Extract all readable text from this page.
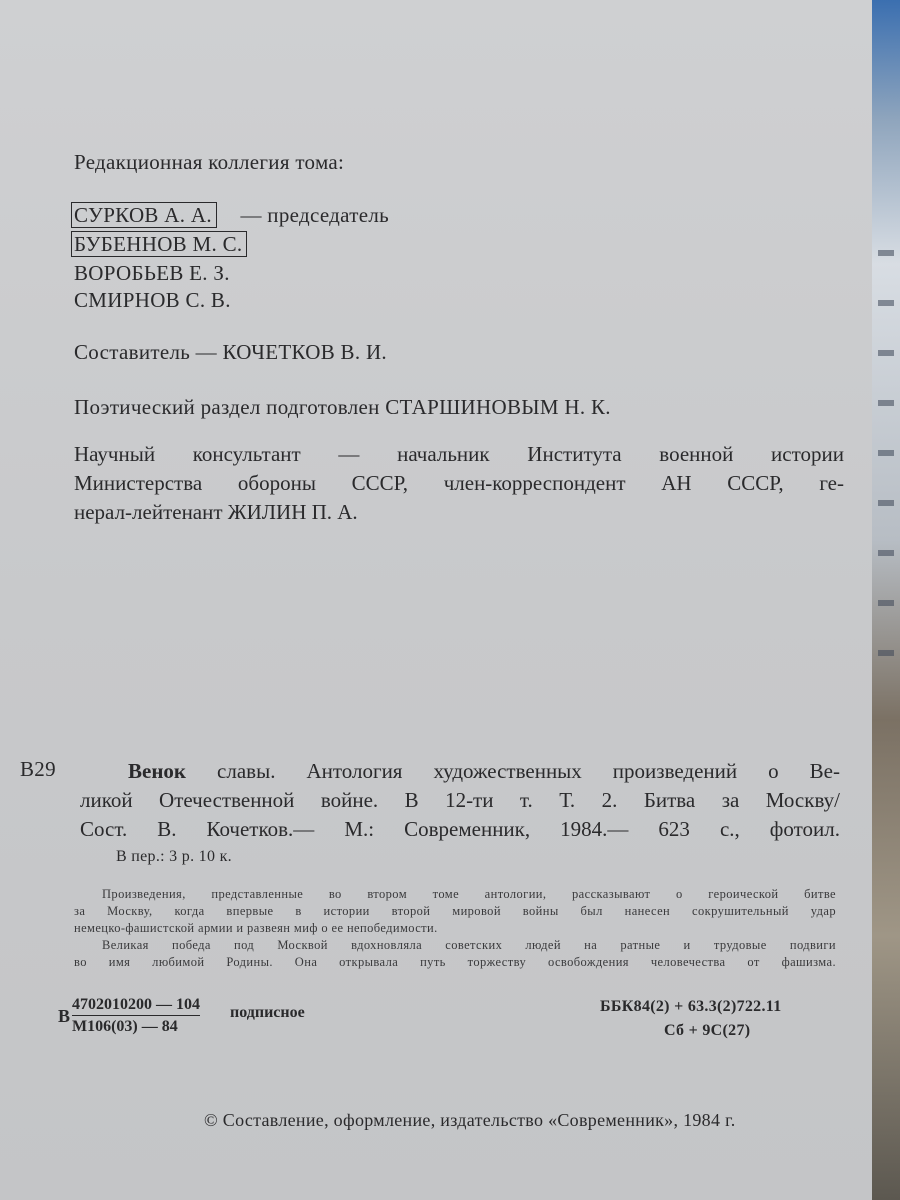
Редакционная коллегия тома:
СУРКОВ А. А. — председатель
БУБЕННОВ М. С.
ВОРОБЬЕВ Е. З.
СМИРНОВ С. В.
Составитель — КОЧЕТКОВ В. И.
Поэтический раздел подготовлен СТАРШИНОВЫМ Н. К.
Научный консультант — начальник Института военной истории
Министерства обороны СССР, член-корреспондент АН СССР, ге-
нерал-лейтенант ЖИЛИН П. А.
В29	Венок славы. Антология художественных произведений о Ве-
ликой Отечественной войне. В 12-ти т. Т. 2. Битва за Москву/
Сост. В. Кочетков.— М.: Современник, 1984.— 623 с., фотоил.
В пер.: 3 р. 10 к.
Произведения, представленные во втором томе антологии, рассказывают о героической битве
за Москву, когда впервые в истории второй мировой войны был нанесен сокрушительный удар
немецко-фашистской армии и развеян миф о ее непобедимости.
Великая победа под Москвой вдохновляла советских людей на ратные и трудовые подвиги
во имя любимой Родины. Она открывала путь торжеству освобождения человечества от фашизма.
В
4702010200 — 104
М106(03) — 84
подписное	ББК84(2) + 63.3(2)722.11
Сб + 9С(27)
© Составление, оформление, издательство «Современник», 1984 г.
